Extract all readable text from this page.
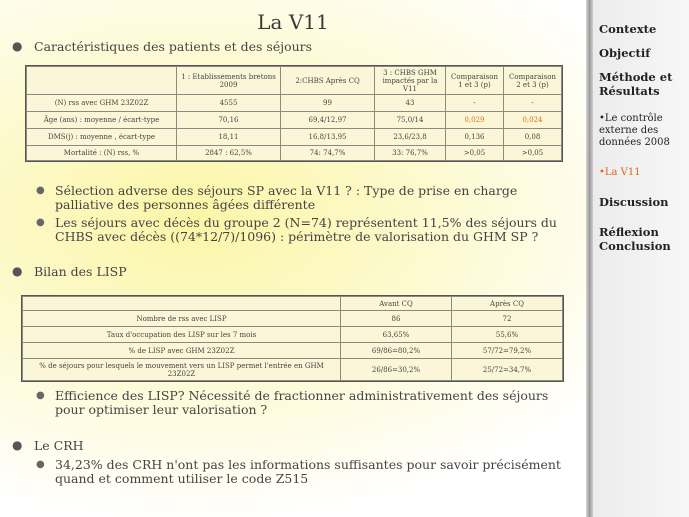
La V11
● Caractéristiques des patients et des séjours
	1 : Etablissements bretons 2009	2:CHBS Après CQ	3 : CHBS GHM impactés par la V11	Comparaison 1 et 3 (p)	Comparaison 2 et 3 (p)
(N) rss avec GHM 23Z02Z	4555	99	43	-	-
Âge (ans) : moyenne / écart-type	70,16	69,4/12,97	75,0/14	0,029	0,024
DMS(j) : moyenne , écart-type	18,11	16,8/13,95	23,6/23,8	0,136	0,08
Mortalité : (N) rss, %	2847 : 62,5%	74: 74,7%	33: 76,7%	>0,05	>0,05
● Sélection adverse des séjours SP avec la V11 ? : Type de prise en charge palliative des personnes âgées différente
● Les séjours avec décès du groupe 2 (N=74) représentent 11,5% des séjours du CHBS avec décès ((74*12/7)/1096) : périmètre de valorisation du GHM SP ?
● Bilan des LISP
	Avant CQ	Après CQ
Nombre de rss avec LISP	86	72
Taux d'occupation des LISP sur les 7 mois	63,65%	55,6%
% de LISP avec GHM 23Z02Z	69/86=80,2%	57/72=79,2%
% de séjours pour lesquels le mouvement vers un LISP permet l'entrée en GHM 23Z02Z	26/86=30,2%	25/72=34,7%
● Efficience des LISP? Nécessité de fractionner administrativement des séjours pour optimiser leur valorisation ?
● Le CRH
● 34,23% des CRH n'ont pas les informations suffisantes pour savoir précisément quand et comment utiliser le code Z515
Contexte
Objectif
Méthode et Résultats
•Le contrôle externe des données 2008
•La V11
Discussion
Réflexion Conclusion
